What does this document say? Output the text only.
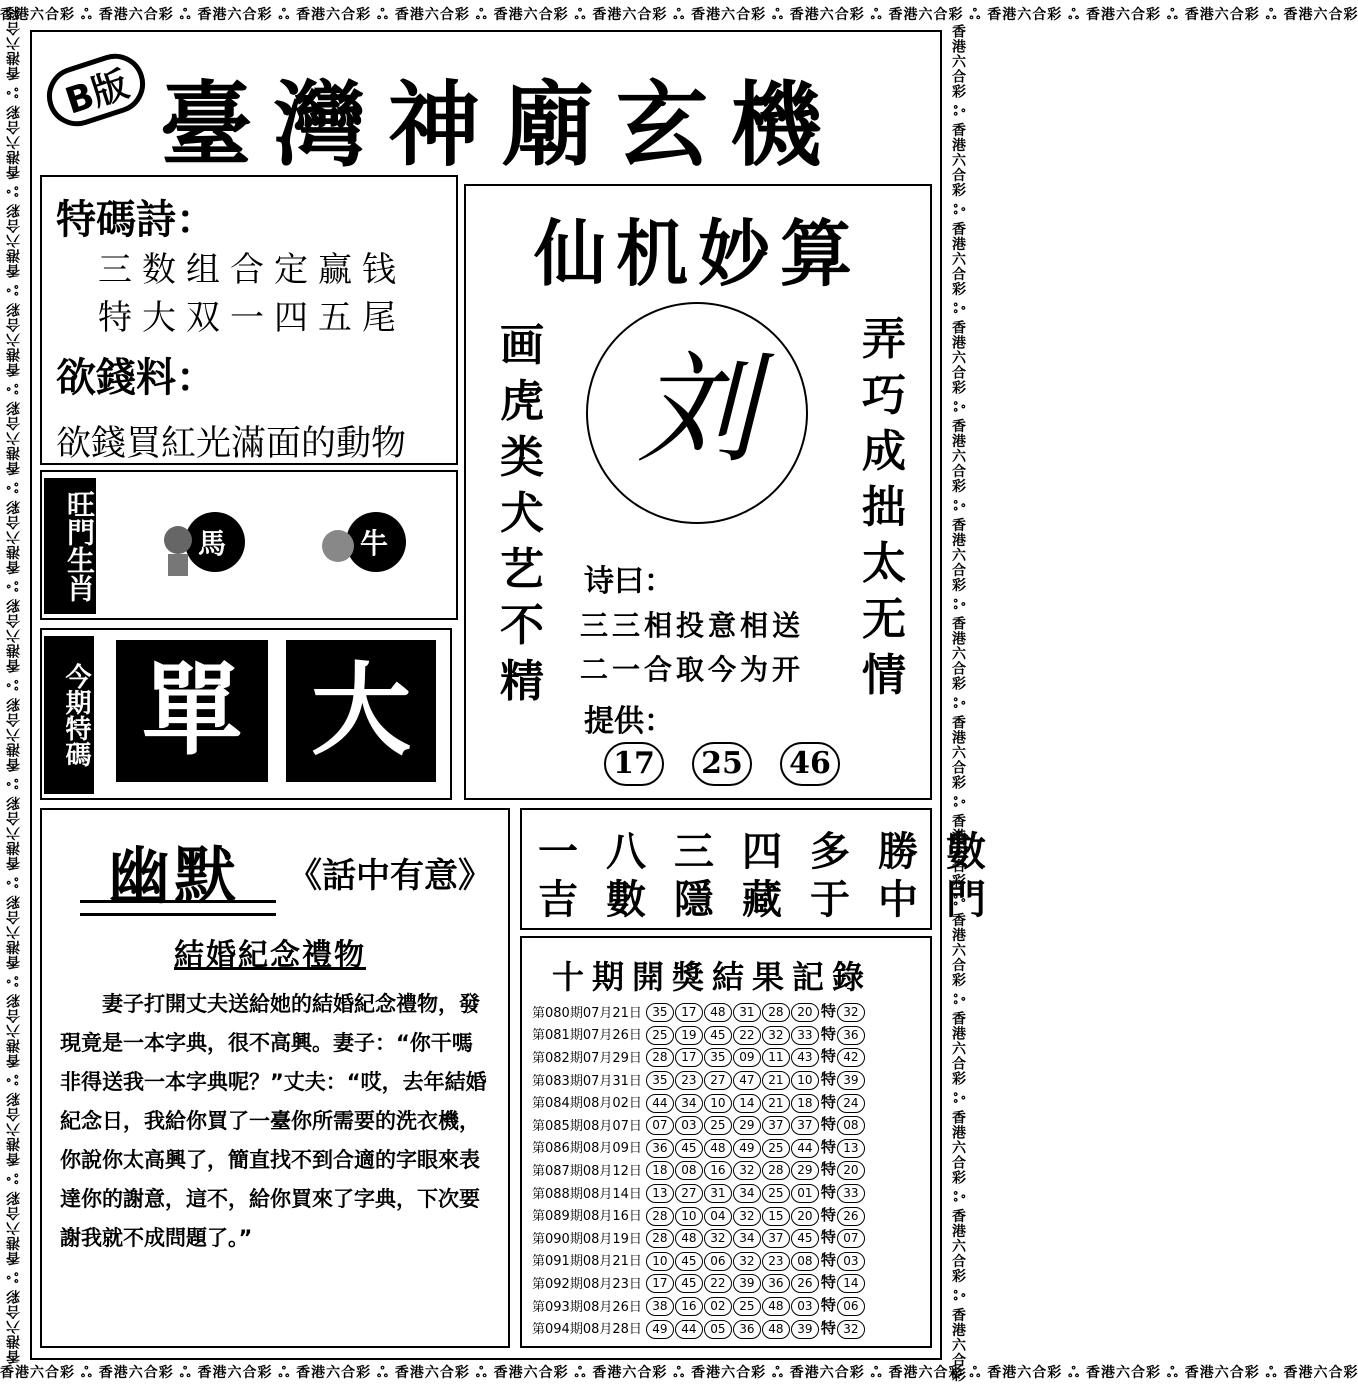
香港六合彩 ஃ 香港六合彩 ஃ 香港六合彩 ஃ 香港六合彩 ஃ 香港六合彩 ஃ 香港六合彩 ஃ 香港六合彩 ஃ 香港六合彩 ஃ 香港六合彩 ஃ 香港六合彩 ஃ 香港六合彩 ஃ 香港六合彩 ஃ 香港六合彩 ஃ 香港六合彩
香港六合彩 ஃ 香港六合彩 ஃ 香港六合彩 ஃ 香港六合彩 ஃ 香港六合彩 ஃ 香港六合彩 ஃ 香港六合彩 ஃ 香港六合彩 ஃ 香港六合彩 ஃ 香港六合彩 ஃ 香港六合彩 ஃ 香港六合彩 ஃ 香港六合彩 ஃ 香港六合彩
香港六合彩 ஃ 香港六合彩 ஃ 香港六合彩 ஃ 香港六合彩 ஃ 香港六合彩 ஃ 香港六合彩 ஃ 香港六合彩 ஃ 香港六合彩 ஃ 香港六合彩 ஃ 香港六合彩 ஃ 香港六合彩 ஃ 香港六合彩 ஃ 香港六合彩 ஃ 香港六合彩	香港六合彩 ஃ 香港六合彩 ஃ 香港六合彩 ஃ 香港六合彩 ஃ 香港六合彩 ஃ 香港六合彩 ஃ 香港六合彩 ஃ 香港六合彩 ஃ 香港六合彩 ஃ 香港六合彩 ஃ 香港六合彩 ஃ 香港六合彩 ஃ 香港六合彩 ஃ 香港六合彩
B版 臺灣神廟玄機
特碼詩：
三数组合定赢钱
特大双一四五尾
欲錢料：
欲錢買紅光滿面的動物
旺門生肖	馬	牛
今期特碼 單 大
仙机妙算
画虎类犬艺不精
弄巧成拙太无情
刘
诗曰：
三三相投意相送
二一合取今为开
提供：
17 25 46
一八三四多勝數
吉數隱藏于中門
幽默 《話中有意》
結婚紀念禮物
妻子打開丈夫送給她的結婚紀念禮物，發現竟是一本字典，很不高興。妻子：“你干嗎非得送我一本字典呢？”丈夫：“哎，去年結婚紀念日，我給你買了一臺你所需要的洗衣機，你說你太高興了，簡直找不到合適的字眼來表達你的謝意，這不，給你買來了字典，下次要謝我就不成問題了。”
十期開獎結果記錄
第080期07月21日	35 17 48 31 28 20 特 32
第081期07月26日	25 19 45 22 32 33 特 36
第082期07月29日	28 17 35 09 11 43 特 42
第083期07月31日	35 23 27 47 21 10 特 39
第084期08月02日	44 34 10 14 21 18 特 24
第085期08月07日	07 03 25 29 37 37 特 08
第086期08月09日	36 45 48 49 25 44 特 13
第087期08月12日	18 08 16 32 28 29 特 20
第088期08月14日	13 27 31 34 25 01 特 33
第089期08月16日	28 10 04 32 15 20 特 26
第090期08月19日	28 48 32 34 37 45 特 07
第091期08月21日	10 45 06 32 23 08 特 03
第092期08月23日	17 45 22 39 36 26 特 14
第093期08月26日	38 16 02 25 48 03 特 06
第094期08月28日	49 44 05 36 48 39 特 32
